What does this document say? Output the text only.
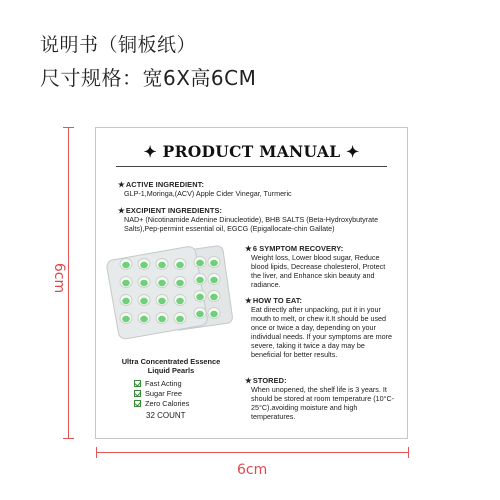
说明书（铜板纸）
尺寸规格：宽6X高6CM
6cm
6cm
✦ PRODUCT MANUAL ✦
★ACTIVE INGREDIENT:
GLP-1,Moringa,(ACV) Apple Cider Vinegar, Turmeric
★EXCIPIENT INGREDIENTS:
NAD+ (Nicotinamide Adenine Dinucleotide), BHB SALTS (Beta-Hydroxybutyrate Salts),Pep-permint essential oil, EGCG (Epigallocate-chin Gallate)
Ultra Concentrated Essence Liquid Pearls
Fast Acting
Sugar Free
Zero Calories
32 COUNT
★6 SYMPTOM RECOVERY:
Weight loss, Lower blood sugar, Reduce blood lipids, Decrease cholesterol, Protect the liver, and Enhance skin beauty and radiance.
★HOW TO EAT:
Eat directly after unpacking, put it in your mouth to melt, or chew it.It should be used once or twice a day, depending on your individual needs. If your symptoms are more severe, taking it twice a day may be beneficial for better results.
★STORED:
When unopened, the shelf life is 3 years. It should be stored at room temperature (10°C-25°C).avoiding moisture and high temperatures.
